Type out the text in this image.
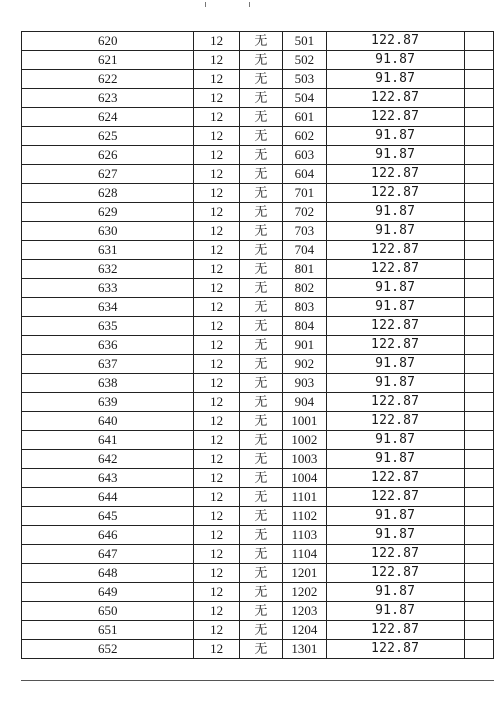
620	12	无	501	122.87	
621	12	无	502	91.87	
622	12	无	503	91.87	
623	12	无	504	122.87	
624	12	无	601	122.87	
625	12	无	602	91.87	
626	12	无	603	91.87	
627	12	无	604	122.87	
628	12	无	701	122.87	
629	12	无	702	91.87	
630	12	无	703	91.87	
631	12	无	704	122.87	
632	12	无	801	122.87	
633	12	无	802	91.87	
634	12	无	803	91.87	
635	12	无	804	122.87	
636	12	无	901	122.87	
637	12	无	902	91.87	
638	12	无	903	91.87	
639	12	无	904	122.87	
640	12	无	1001	122.87	
641	12	无	1002	91.87	
642	12	无	1003	91.87	
643	12	无	1004	122.87	
644	12	无	1101	122.87	
645	12	无	1102	91.87	
646	12	无	1103	91.87	
647	12	无	1104	122.87	
648	12	无	1201	122.87	
649	12	无	1202	91.87	
650	12	无	1203	91.87	
651	12	无	1204	122.87	
652	12	无	1301	122.87	
